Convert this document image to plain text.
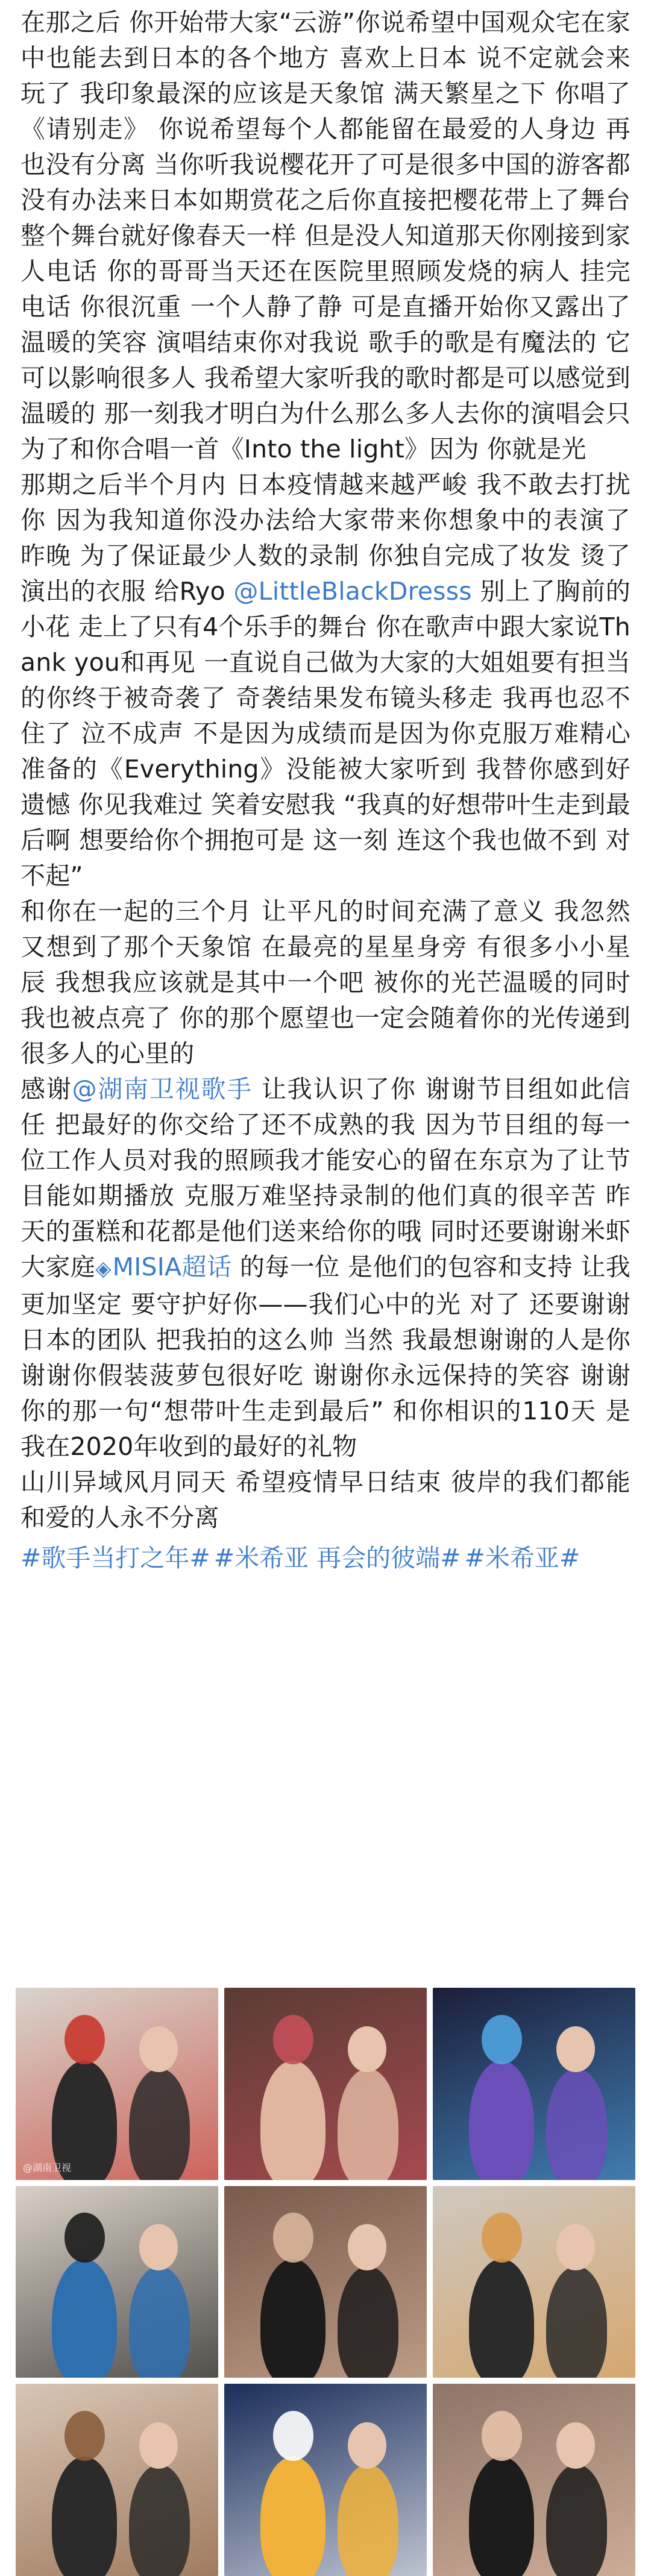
在那之后 你开始带大家“云游”你说希望中国观众宅在家中也能去到日本的各个地方 喜欢上日本 说不定就会来玩了 我印象最深的应该是天象馆 满天繁星之下 你唱了《请别走》 你说希望每个人都能留在最爱的人身边 再也没有分离 当你听我说樱花开了可是很多中国的游客都没有办法来日本如期赏花之后你直接把樱花带上了舞台 整个舞台就好像春天一样 但是没人知道那天你刚接到家人电话 你的哥哥当天还在医院里照顾发烧的病人 挂完电话 你很沉重 一个人静了静 可是直播开始你又露出了温暖的笑容 演唱结束你对我说 歌手的歌是有魔法的 它可以影响很多人 我希望大家听我的歌时都是可以感觉到温暖的 那一刻我才明白为什么那么多人去你的演唱会只为了和你合唱一首《Into the light》因为 你就是光

那期之后半个月内 日本疫情越来越严峻 我不敢去打扰你 因为我知道你没办法给大家带来你想象中的表演了 昨晚 为了保证最少人数的录制 你独自完成了妆发 烫了演出的衣服 给Ryo @LittleBlackDresss 别上了胸前的小花 走上了只有4个乐手的舞台 你在歌声中跟大家说Thank you和再见 一直说自己做为大家的大姐姐要有担当的你终于被奇袭了 奇袭结果发布镜头移走 我再也忍不住了 泣不成声 不是因为成绩而是因为你克服万难精心准备的《Everything》没能被大家听到 我替你感到好遗憾 你见我难过 笑着安慰我 “我真的好想带叶生走到最后啊 想要给你个拥抱可是 这一刻 连这个我也做不到 对不起”

和你在一起的三个月 让平凡的时间充满了意义 我忽然又想到了那个天象馆 在最亮的星星身旁 有很多小小星辰 我想我应该就是其中一个吧 被你的光芒温暖的同时 我也被点亮了 你的那个愿望也一定会随着你的光传递到很多人的心里的

感谢@湖南卫视歌手 让我认识了你 谢谢节目组如此信任 把最好的你交给了还不成熟的我 因为节目组的每一位工作人员对我的照顾我才能安心的留在东京为了让节目能如期播放 克服万难坚持录制的他们真的很辛苦 昨天的蛋糕和花都是他们送来给你的哦 同时还要谢谢米虾大家庭◈MISIA超话 的每一位 是他们的包容和支持 让我更加坚定 要守护好你——我们心中的光 对了 还要谢谢日本的团队 把我拍的这么帅 当然 我最想谢谢的人是你 谢谢你假装菠萝包很好吃 谢谢你永远保持的笑容 谢谢你的那一句“想带叶生走到最后” 和你相识的110天 是我在2020年收到的最好的礼物

山川异域风月同天 希望疫情早日结束 彼岸的我们都能和爱的人永不分离

#歌手当打之年# #米希亚 再会的彼端# #米希亚#
@湖南卫视
